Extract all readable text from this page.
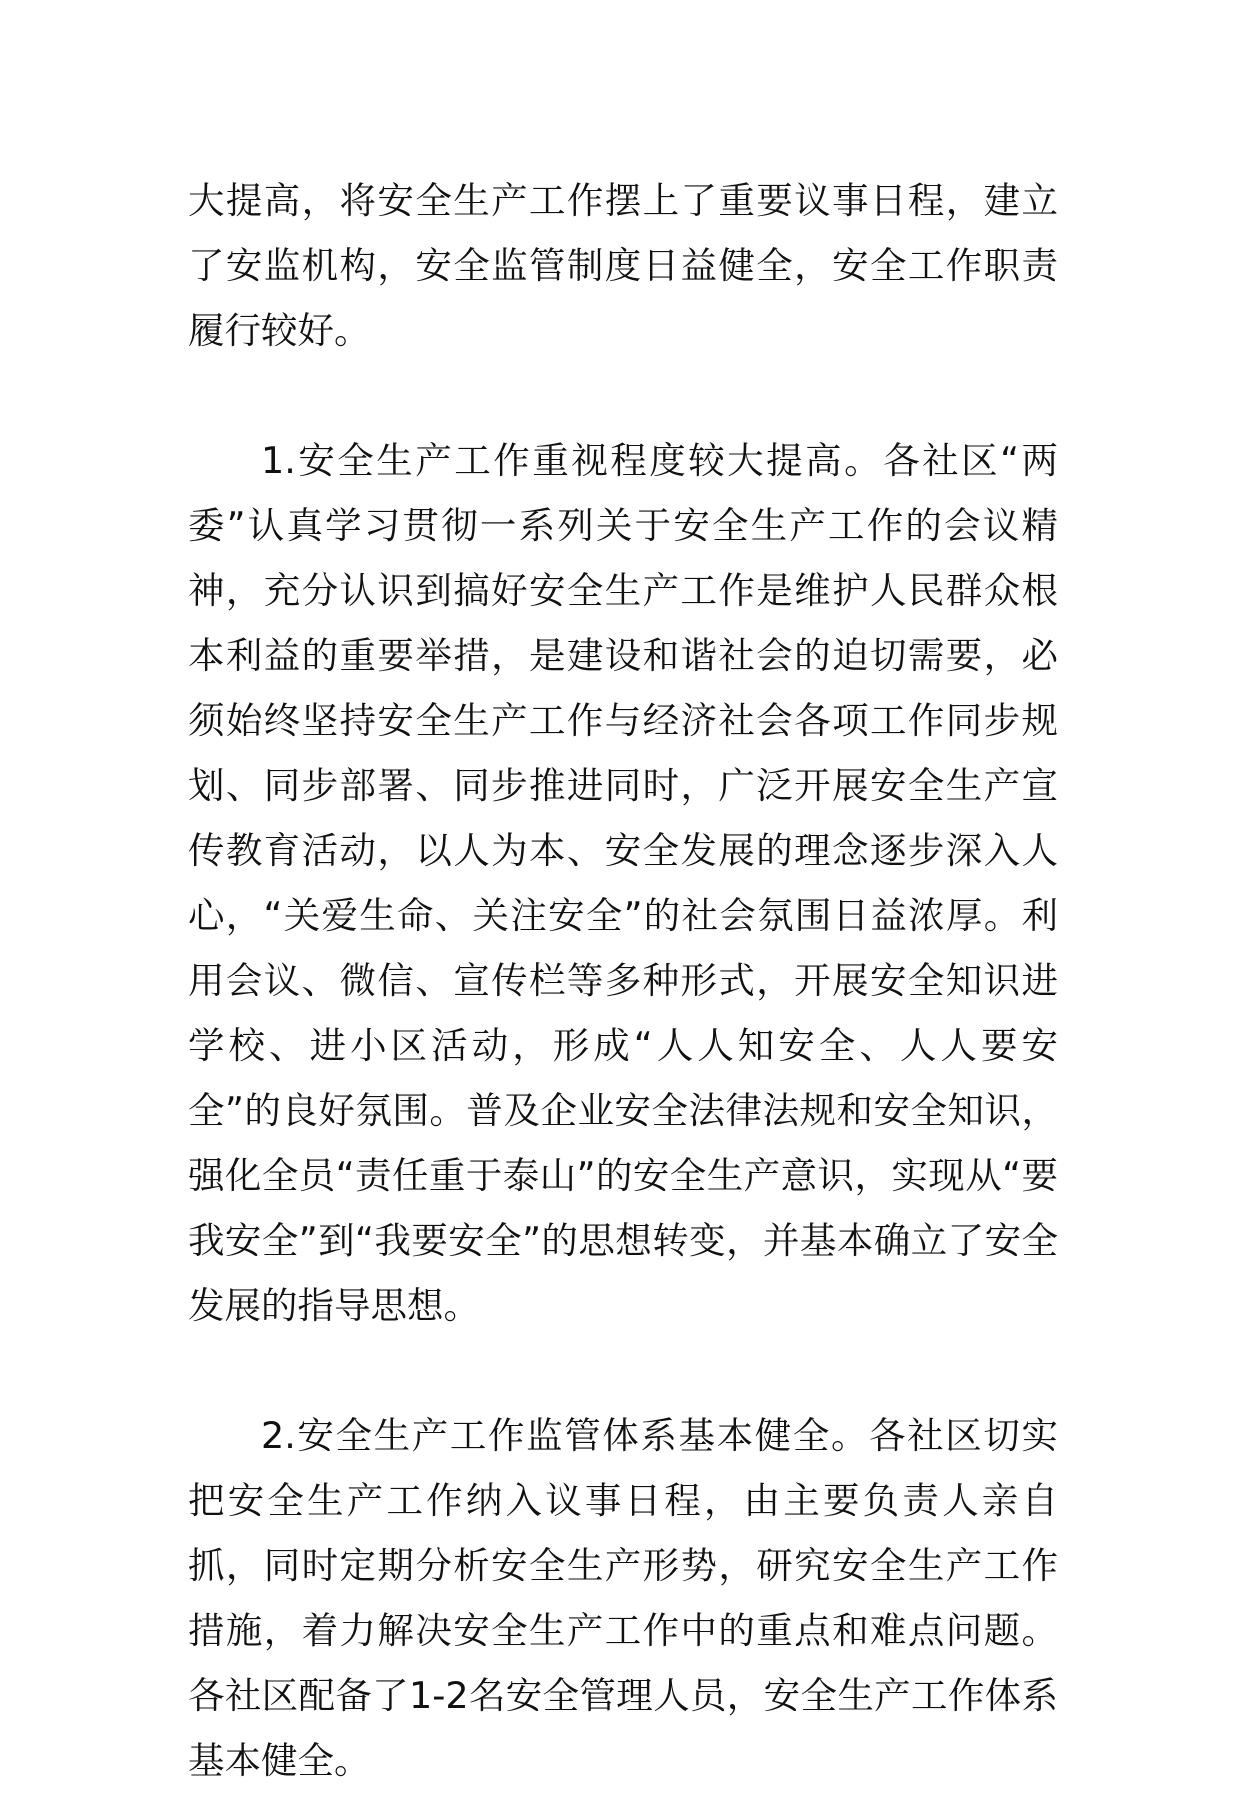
大提高，将安全生产工作摆上了重要议事日程，建立了安监机构，安全监管制度日益健全，安全工作职责履行较好。

1.安全生产工作重视程度较大提高。各社区“两委”认真学习贯彻一系列关于安全生产工作的会议精神，充分认识到搞好安全生产工作是维护人民群众根本利益的重要举措，是建设和谐社会的迫切需要，必须始终坚持安全生产工作与经济社会各项工作同步规划、同步部署、同步推进同时，广泛开展安全生产宣传教育活动，以人为本、安全发展的理念逐步深入人心，“关爱生命、关注安全”的社会氛围日益浓厚。利用会议、微信、宣传栏等多种形式，开展安全知识进学校、进小区活动，形成“人人知安全、人人要安全”的良好氛围。普及企业安全法律法规和安全知识，强化全员“责任重于泰山”的安全生产意识，实现从“要我安全”到“我要安全”的思想转变，并基本确立了安全发展的指导思想。

2.安全生产工作监管体系基本健全。各社区切实把安全生产工作纳入议事日程，由主要负责人亲自抓，同时定期分析安全生产形势，研究安全生产工作措施，着力解决安全生产工作中的重点和难点问题。各社区配备了1-2名安全管理人员，安全生产工作体系基本健全。
